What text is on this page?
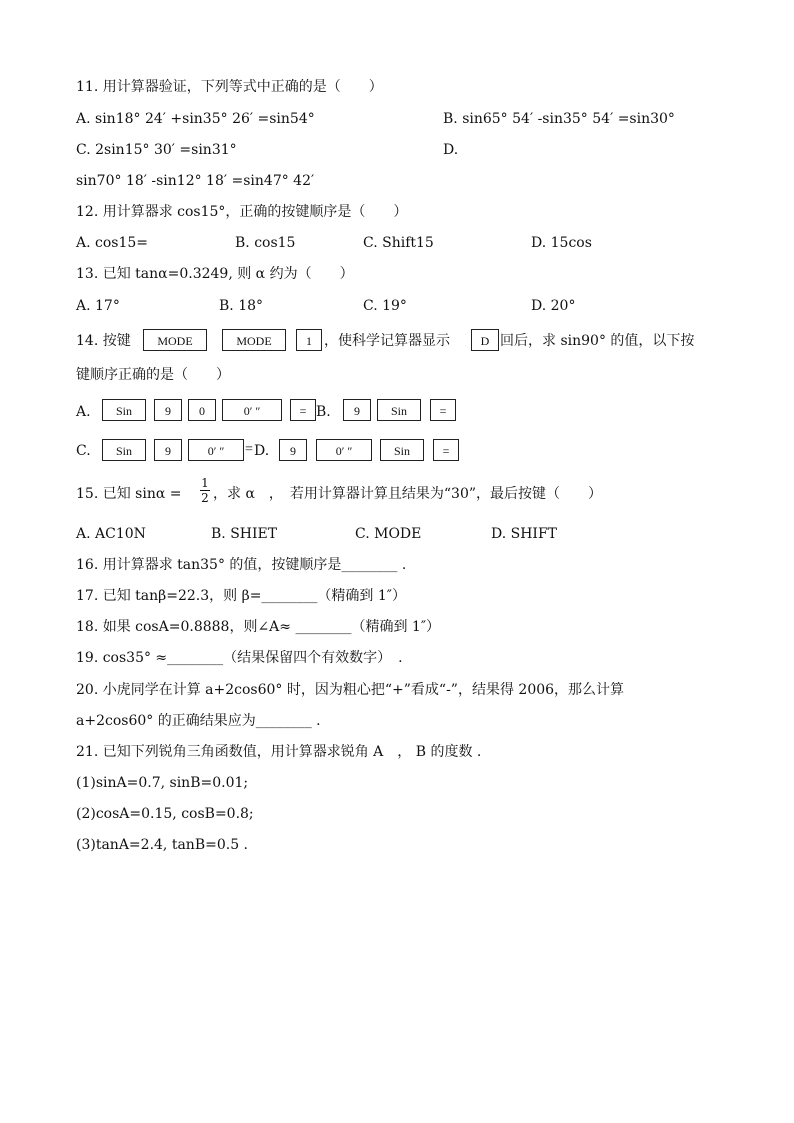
11. 用计算器验证，下列等式中正确的是（　　）
A. sin18° 24′ +sin35° 26′ =sin54°	B. sin65° 54′ -sin35° 54′ =sin30°
C. 2sin15° 30′ =sin31°	D.
sin70° 18′ -sin12° 18′ =sin47° 42′
12. 用计算器求 cos15°，正确的按键顺序是（　　）
A. cos15=	B. cos15	C. Shift15	D. 15cos
13. 已知 tanα=0.3249, 则 α 约为（　　）
A. 17°	B. 18°	C. 19°	D. 20°
14. 按键	MODE	MODE	1 ，使科学记算器显示	D 回后，求 sin90° 的值，以下按
键顺序正确的是（　　）
A.	Sin	9	0	0′ ″	= B.	9	Sin	=
C.	Sin	9	0′ ″	= D.	9	0′ ″	Sin	=
15. 已知 sinα =
1
2 ，求 α　，　若用计算器计算且结果为“30”，最后按键（　　）
A. AC10N	B. SHIET	C. MODE	D. SHIFT
16. 用计算器求 tan35° 的值，按键顺序是________ .
17. 已知 tanβ=22.3，则 β=________（精确到 1″）
18. 如果 cosA=0.8888，则∠A≈ ________（精确到 1″）
19. cos35° ≈________（结果保留四个有效数字）　.
20. 小虎同学在计算 a+2cos60° 时，因为粗心把“+”看成“-”，结果得 2006，那么计算
a+2cos60° 的正确结果应为________ .
21. 已知下列锐角三角函数值，用计算器求锐角 A　， B 的度数 .
(1)sinA=0.7, sinB=0.01;
(2)cosA=0.15, cosB=0.8;
(3)tanA=2.4, tanB=0.5 .
